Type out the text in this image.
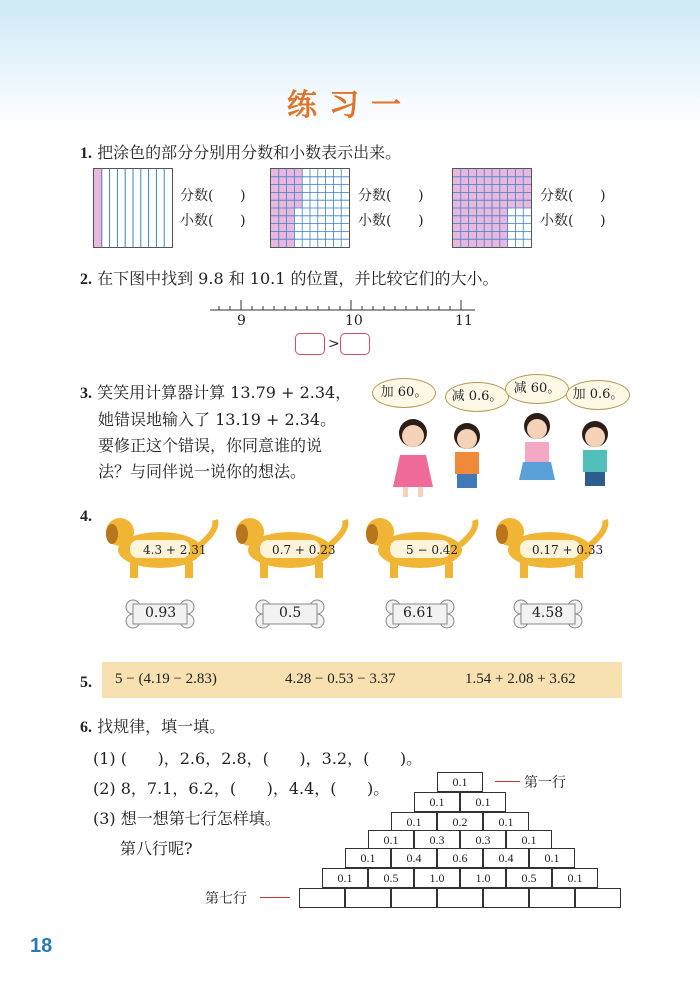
练习一
1. 把涂色的部分分别用分数和小数表示出来。
分数(      )
小数(      )
分数(      )
小数(      )
分数(      )
小数(      )
2. 在下图中找到 9.8 和 10.1 的位置，并比较它们的大小。
9	10	11
>
3. 笑笑用计算器计算 13.79 + 2.34，
她错误地输入了 13.19 + 2.34。
要修正这个错误，你同意谁的说
法？与同伴说一说你的想法。
加 60。	减 0.6。
减 60。 加 0.6。
4.
4.3 + 2.31	0.7 + 0.23	5 − 0.42	0.17 + 0.33
0.93	0.5	6.61	4.58
5. 5 − (4.19 − 2.83)	4.28 − 0.53 − 3.37	1.54 + 2.08 + 3.62
6. 找规律，填一填。
(1) (      )，2.6，2.8，(      )，3.2，(      )。
(2) 8，7.1，6.2，(      )，4.4，(      )。
(3) 想一想第七行怎样填。
第八行呢?
0.1	第一行
0.1	0.1
0.1	0.2	0.1
0.1	0.3	0.3	0.1
0.1	0.4	0.6	0.4	0.1
0.1	0.5	1.0	1.0	0.5	0.1
第七行
18
